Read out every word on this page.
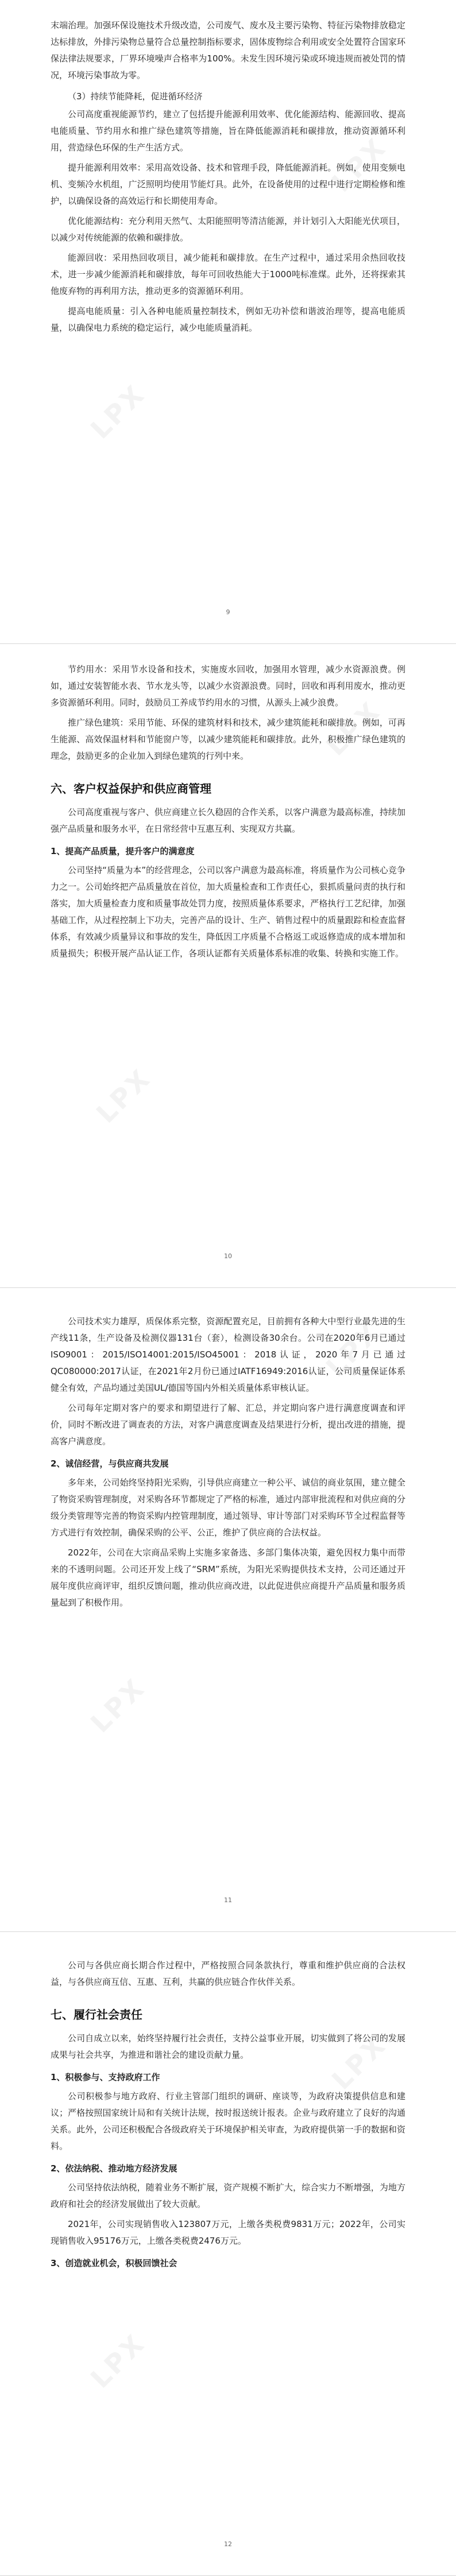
末端治理。加强环保设施技术升级改造，公司废气、废水及主要污染物、特征污染物排放稳定达标排放，外排污染物总量符合总量控制指标要求，固体废物综合利用或安全处置符合国家环保法律法规要求，厂界环境噪声合格率为100%。未发生因环境污染或环境违规而被处罚的情况，环境污染事故为零。

（3）持续节能降耗，促进循环经济

公司高度重视能源节约，建立了包括提升能源利用效率、优化能源结构、能源回收、提高电能质量、节约用水和推广绿色建筑等措施，旨在降低能源消耗和碳排放，推动资源循环利用，营造绿色环保的生产生活方式。

提升能源利用效率：采用高效设备、技术和管理手段，降低能源消耗。例如，使用变频电机、变频冷水机组，广泛照明均使用节能灯具。此外，在设备使用的过程中进行定期检修和维护，以确保设备的高效运行和长期使用寿命。

优化能源结构：充分利用天然气、太阳能照明等清洁能源，并计划引入大阳能光伏项目，以减少对传统能源的依赖和碳排放。

能源回收：采用热回收项目，减少能耗和碳排放。在生产过程中，通过采用余热回收技术，进一步减少能源消耗和碳排放，每年可回收热能大于1000吨标准煤。此外，还将探索其他废弃物的再利用方法，推动更多的资源循环利用。

提高电能质量：引入各种电能质量控制技术，例如无功补偿和谐波治理等，提高电能质量，以确保电力系统的稳定运行，减少电能质量消耗。

9

节约用水：采用节水设备和技术，实施废水回收，加强用水管理，减少水资源浪费。例如，通过安装智能水表、节水龙头等，以减少水资源浪费。同时，回收和再利用废水，推动更多资源循环利用。同时，鼓励员工养成节约用水的习惯，从源头上减少浪费。

推广绿色建筑：采用节能、环保的建筑材料和技术，减少建筑能耗和碳排放。例如，可再生能源、高效保温材料和节能窗户等，以减少建筑能耗和碳排放。此外，积极推广绿色建筑的理念，鼓励更多的企业加入到绿色建筑的行列中来。

六、客户权益保护和供应商管理

公司高度重视与客户、供应商建立长久稳固的合作关系，以客户满意为最高标准，持续加强产品质量和服务水平，在日常经营中互惠互利、实现双方共赢。

1、提高产品质量，提升客户的满意度

公司坚持“质量为本”的经营理念，公司以客户满意为最高标准，将质量作为公司核心竞争力之一。公司始终把产品质量放在首位，加大质量检查和工作责任心，狠抓质量问责的执行和落实，加大质量检查力度和质量事故处罚力度，按照质量体系要求，严格执行工艺纪律，加强基础工作，从过程控制上下功夫，完善产品的设计、生产、销售过程中的质量跟踪和检查监督体系，有效减少质量异议和事故的发生，降低因工序质量不合格返工或返修造成的成本增加和质量损失；积极开展产品认证工作，各项认证都有关质量体系标准的收集、转换和实施工作。

10

公司技术实力雄厚，质保体系完整，资源配置充足，目前拥有各种大中型行业最先进的生产线11条，生产设备及检测仪器131台（套），检测设备30余台。公司在2020年6月已通过ISO9001：2015/ISO14001:2015/ISO45001：2018认证，2020年7月已通过QC080000:2017认证，在2021年2月份已通过IATF16949:2016认证，公司质量保证体系健全有效，产品均通过美国UL/德国等国内外相关质量体系审核认证。

公司每年定期对客户的要求和期望进行了解、汇总，并定期向客户进行满意度调查和评价，同时不断改进了调查表的方法，对客户满意度调查及结果进行分析，提出改进的措施，提高客户满意度。

2、诚信经营，与供应商共发展

多年来，公司始终坚持阳光采购，引导供应商建立一种公平、诚信的商业氛围，建立健全了物资采购管理制度，对采购各环节都规定了严格的标准，通过内部审批流程和对供应商的分级分类管理等完善的物资采购内控管理制度，通过领导、审计等部门对采购环节全过程监督等方式进行有效控制，确保采购的公平、公正，维护了供应商的合法权益。

2022年，公司在大宗商品采购上实施多家备选、多部门集体决策，避免因权力集中而带来的不透明问题。公司还开发上线了“SRM”系统，为阳光采购提供技术支持，公司还通过开展年度供应商评审，组织反馈问题，推动供应商改进，以此促进供应商提升产品质量和服务质量起到了积极作用。

11

公司与各供应商长期合作过程中，严格按照合同条款执行，尊重和维护供应商的合法权益，与各供应商互信、互惠、互利，共赢的供应链合作伙伴关系。

七、履行社会责任

公司自成立以来，始终坚持履行社会责任，支持公益事业开展，切实做到了将公司的发展成果与社会共享，为推进和谐社会的建设贡献力量。

1、积极参与、支持政府工作

公司积极参与地方政府、行业主管部门组织的调研、座谈等，为政府决策提供信息和建议；严格按照国家统计局和有关统计法规，按时报送统计报表。企业与政府建立了良好的沟通关系。此外，公司还积极配合各级政府关于环境保护相关审查，为政府提供第一手的数据和资料。

2、依法纳税、推动地方经济发展

公司坚持依法纳税，随着业务不断扩展，资产规模不断扩大，综合实力不断增强，为地方政府和社会的经济发展做出了较大贡献。

2021年，公司实现销售收入123807万元，上缴各类税费9831万元；2022年，公司实现销售收入95176万元，上缴各类税费2476万元。

3、创造就业机会，积极回馈社会
12
